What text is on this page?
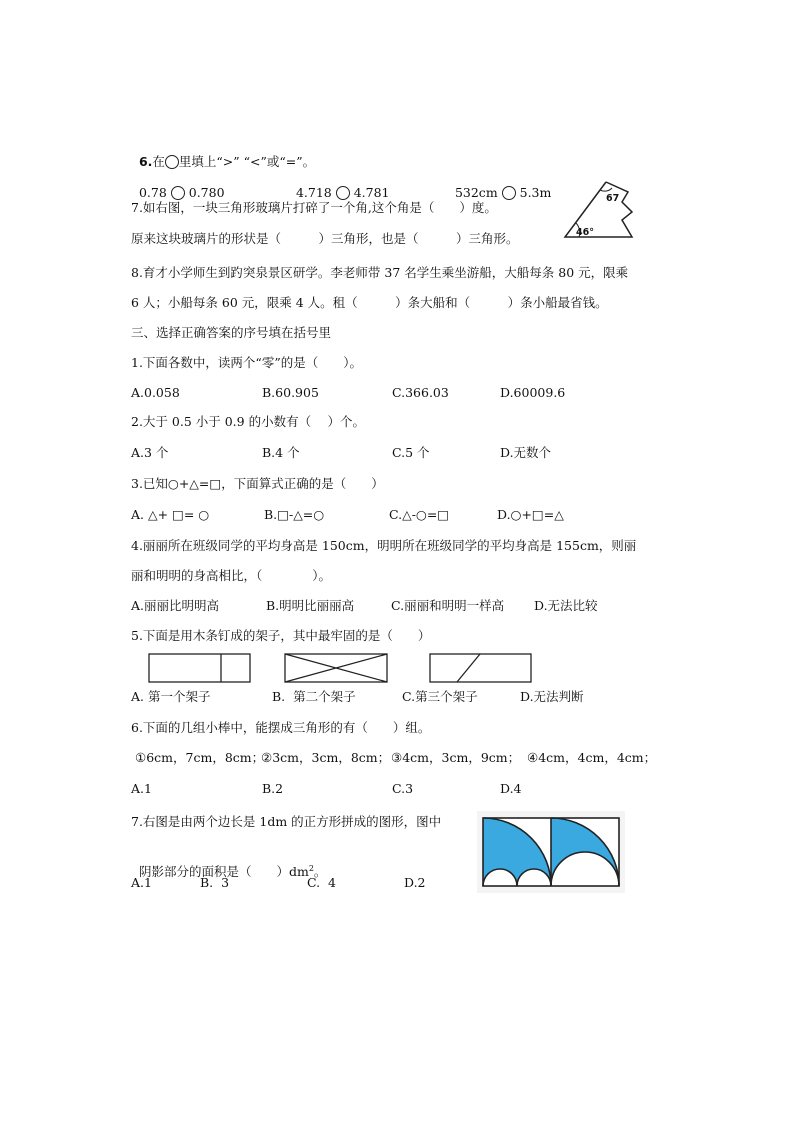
6.在 里填上“>” “<”或“=”。

0.78  0.780	4.718  4.781	532cm  5.3m

7.如右图，一块三角形玻璃片打碎了一个角,这个角是（　　）度。
原来这块玻璃片的形状是（　　　）三角形，也是（　　　）三角形。
67
46°
8.育才小学师生到趵突泉景区研学。李老师带 37 名学生乘坐游船，大船每条 80 元，限乘
6 人；小船每条 60 元，限乘 4 人。租（　　　）条大船和（　　　）条小船最省钱。
三、选择正确答案的序号填在括号里
1.下面各数中，读两个“零”的是（　　）。
A.0.058	B.60.905	C.366.03	D.60009.6
2.大于 0.5 小于 0.9 的小数有（　 ）个。
A.3 个	B.4 个	C.5 个	D.无数个
3.已知○+△=□，下面算式正确的是（　　）
A. △+ □= ○	B.□-△=○	C.△-○=□	D.○+□=△
4.丽丽所在班级同学的平均身高是 150cm，明明所在班级同学的平均身高是 155cm，则丽
丽和明明的身高相比，（　　　　）。
A.丽丽比明明高	B.明明比丽丽高	C.丽丽和明明一样高 D.无法比较
5.下面是用木条钉成的架子，其中最牢固的是（　　）
A. 第一个架子	B.  第二个架子	C.第三个架子	D.无法判断
6.下面的几组小棒中，能摆成三角形的有（　　）组。
①6cm，7cm，8cm；
②3cm，3cm，8cm； ③4cm，3cm，9cm； ④4cm，4cm，4cm；
A.1	B.2	C.3	D.4
7.右图是由两个边长是 1dm 的正方形拼成的图形，图中

阴影部分的面积是（　　）$dm^2$。

A.1	B.  3	C.  4	D.2
